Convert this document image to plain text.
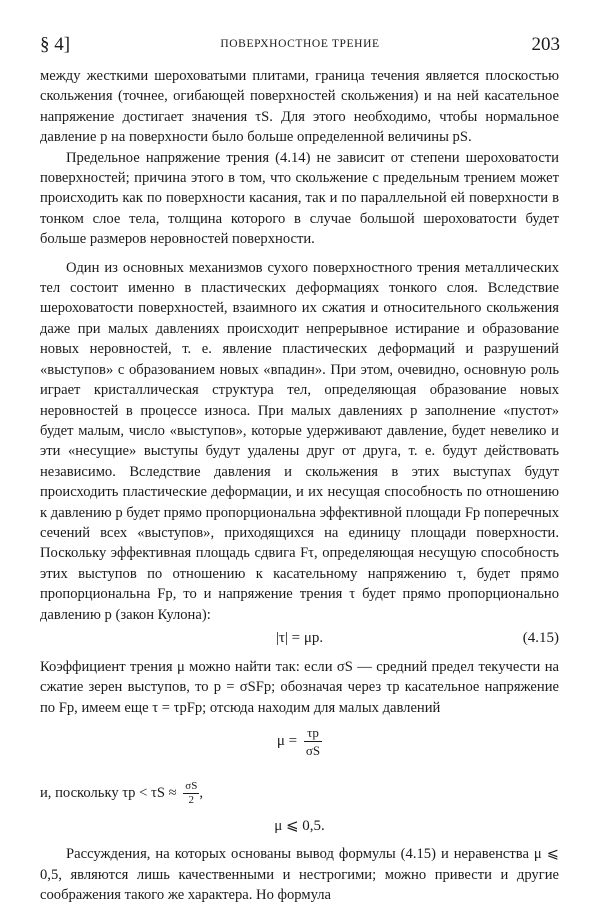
§ 4]	ПОВЕРХНОСТНОЕ ТРЕНИЕ	203

между жесткими шероховатыми плитами, граница течения является плоскостью скольжения (точнее, огибающей поверхностей скольжения) и на ней касательное напряжение достигает значения τS. Для этого необходимо, чтобы нормальное давление p на поверхности было больше определенной величины pS.

Предельное напряжение трения (4.14) не зависит от степени шероховатости поверхностей; причина этого в том, что скольжение с предельным трением может происходить как по поверхности касания, так и по параллельной ей поверхности в тонком слое тела, толщина которого в случае большой шероховатости будет больше размеров неровностей поверхности.

Один из основных механизмов сухого поверхностного трения металлических тел состоит именно в пластических деформациях тонкого слоя. Вследствие шероховатости поверхностей, взаимного их сжатия и относительного скольжения даже при малых давлениях происходит непрерывное истирание и образование новых неровностей, т. е. явление пластических деформаций и разрушений «выступов» с образованием новых «впадин». При этом, очевидно, основную роль играет кристаллическая структура тел, определяющая образование новых неровностей в процессе износа. При малых давлениях p заполнение «пустот» будет малым, число «выступов», которые удерживают давление, будет невелико и эти «несущие» выступы будут удалены друг от друга, т. е. будут действовать независимо. Вследствие давления и скольжения в этих выступах будут происходить пластические деформации, и их несущая способность по отношению к давлению p будет прямо пропорциональна эффективной площади Fp поперечных сечений всех «выступов», приходящихся на единицу площади поверхности. Поскольку эффективная площадь сдвига Fτ, определяющая несущую способность этих выступов по отношению к касательному напряжению τ, будет прямо пропорциональна Fp, то и напряжение трения τ будет прямо пропорционально давлению p (закон Кулона):

|τ| = μp.	(4.15)

Коэффициент трения μ можно найти так: если σS — средний предел текучести на сжатие зерен выступов, то p = σSFp; обозначая через τp касательное напряжение по Fp, имеем еще τ = τpFp; отсюда находим для малых давлений

$\mu = \frac{\tau p}{\sigma S}$
и, поскольку $\tau p < \tau S \approx \frac{\sigma S}{2}$ ,
μ ⩽ 0,5.

Рассуждения, на которых основаны вывод формулы (4.15) и неравенства μ ⩽ 0,5, являются лишь качественными и нестрогими; можно привести и другие соображения такого же характера. Но формула
